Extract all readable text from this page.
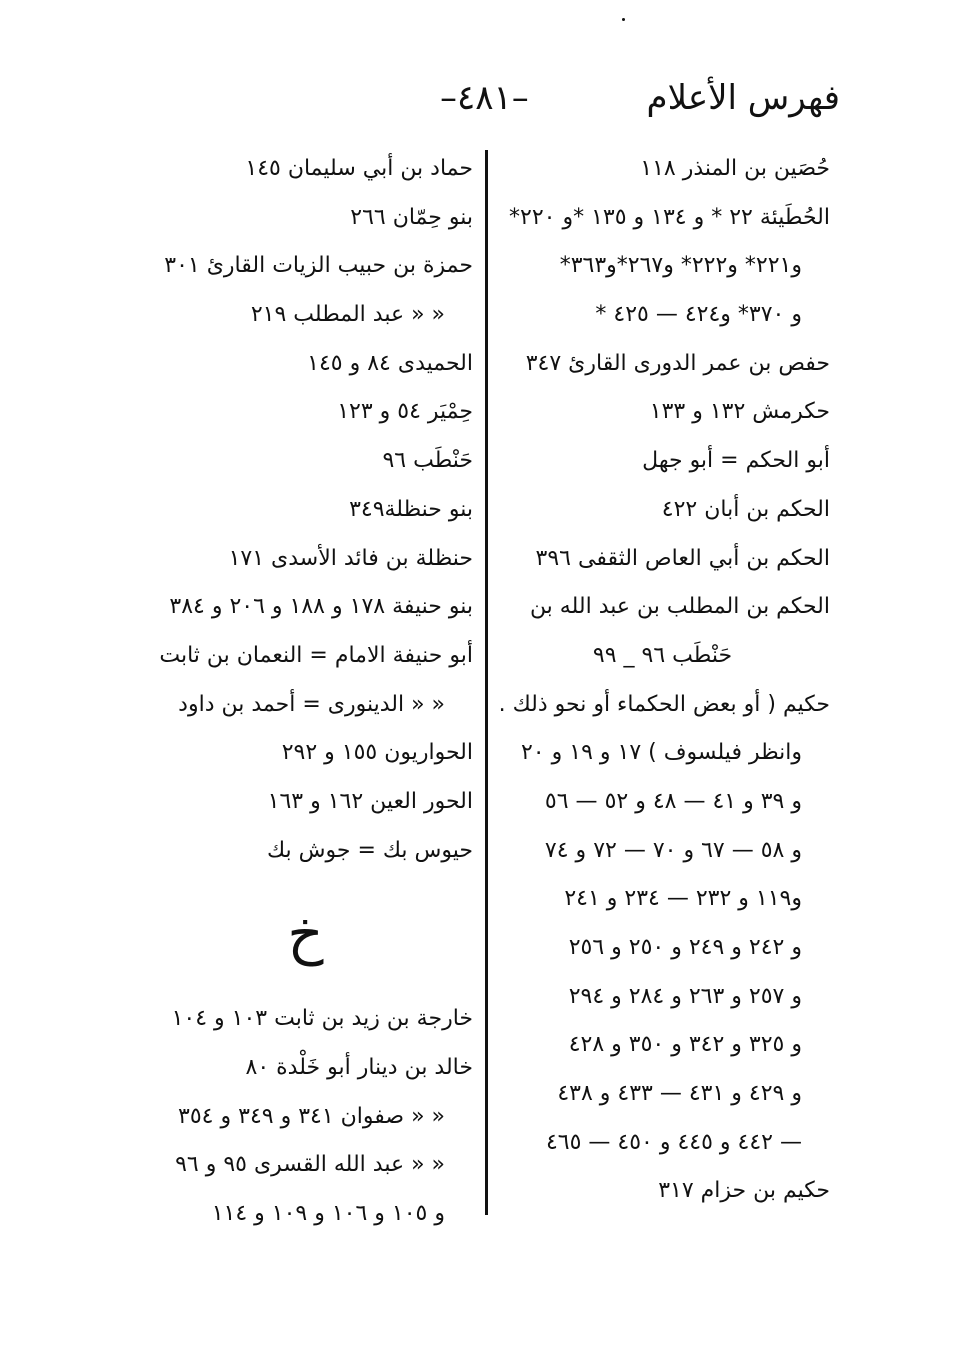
فهرس الأعلام
–٤٨١–
حُصَين بن المنذر ١١٨
الحُطَيئة ٢٢ * و ١٣٤ و ١٣٥ *و ٢٢٠*
و٢٢١* و٢٢٢* و٢٦٧*و٣٦٣*
و ٣٧٠* و٤٢٤ — ٤٢٥ *
حفص بن عمر الدورى القارئ ٣٤٧
حكرمش ١٣٢ و ١٣٣
أبو الحكم = أبو جهل
الحكم بن أبان ٤٢٢
الحكم بن أبي العاص الثقفى ٣٩٦
الحكم بن المطلب بن عبد الله بن
حَنْطَب ٩٦ _ ٩٩
حكيم ( أو بعض الحكماء أو نحو ذلك .
وانظر فيلسوف ) ١٧ و ١٩ و ٢٠
و ٣٩ و ٤١ — ٤٨ و ٥٢ — ٥٦
و ٥٨ — ٦٧ و ٧٠ — ٧٢ و ٧٤
و١١٩ و ٢٣٢ — ٢٣٤ و ٢٤١
و ٢٤٢ و ٢٤٩ و ٢٥٠ و ٢٥٦
و ٢٥٧ و ٢٦٣ و ٢٨٤ و ٢٩٤
و ٣٢٥ و ٣٤٢ و ٣٥٠ و ٤٢٨
و ٤٢٩ و ٤٣١ — ٤٣٣ و ٤٣٨
— ٤٤٢ و ٤٤٥ و ٤٥٠ — ٤٦٥
حكيم بن حزام ٣١٧
حماد بن أبي سليمان ١٤٥
بنو حِمّان ٢٦٦
حمزة بن حبيب الزيات القارئ ٣٠١
« « عبد المطلب ٢١٩
الحميدى ٨٤ و ١٤٥
حِمْيَر ٥٤ و ١٢٣
حَنْطَب ٩٦
بنو حنظلة٣٤٩
حنظلة بن فائد الأسدى ١٧١
بنو حنيفة ١٧٨ و ١٨٨ و ٢٠٦ و ٣٨٤
أبو حنيفة الامام = النعمان بن ثابت
« « الدينورى = أحمد بن داود
الحواريون ١٥٥ و ٢٩٢
الحور العين ١٦٢ و ١٦٣
حيوس بك = جوش بك
خ
خارجة بن زيد بن ثابت ١٠٣ و ١٠٤
خالد بن دينار أبو خَلْدة ٨٠
« « صفوان ٣٤١ و ٣٤٩ و ٣٥٤
« « عبد الله القسرى ٩٥ و ٩٦
و ١٠٥ و ١٠٦ و ١٠٩ و ١١٤
